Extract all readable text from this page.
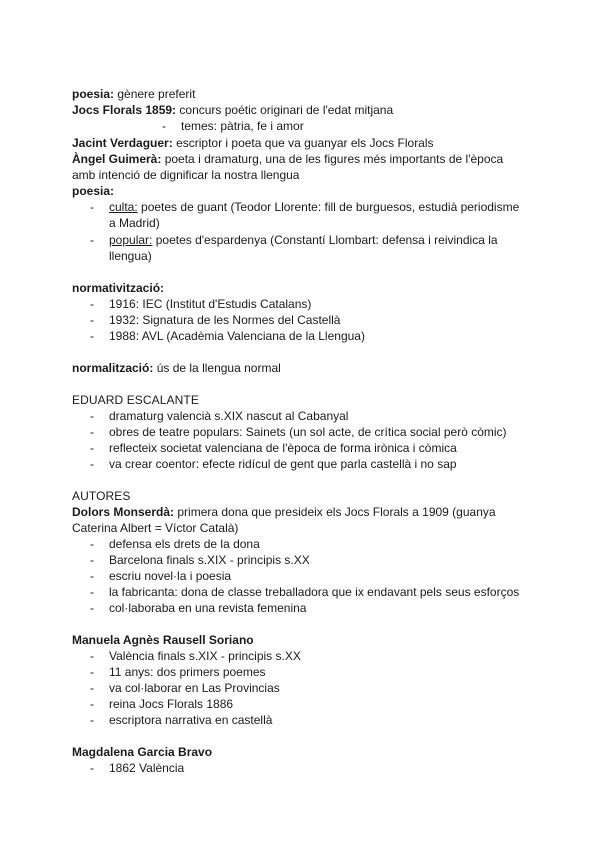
poesia: gènere preferit
Jocs Florals 1859: concurs poétic originari de l'edat mitjana
-	temes: pàtria, fe i amor
Jacint Verdaguer: escriptor i poeta que va guanyar els Jocs Florals
Àngel Guimerà: poeta i dramaturg, una de les figures més importants de l'època
amb intenció de dignificar la nostra llengua
poesia:
-	culta: poetes de guant (Teodor Llorente: fill de burguesos, estudià periodisme
a Madrid)
-	popular: poetes d'espardenya (Constantí Llombart: defensa i reivindica la
llengua)
normativització:
-	1916: IEC (Institut d'Estudis Catalans)
-	1932: Signatura de les Normes del Castellà
-	1988: AVL (Acadèmia Valenciana de la Llengua)
normalització: ús de la llengua normal
EDUARD ESCALANTE
-	dramaturg valencià s.XIX nascut al Cabanyal
-	obres de teatre populars: Sainets (un sol acte, de crítica social però còmic)
-	reflecteix societat valenciana de l'època de forma irònica i còmica
-	va crear coentor: efecte ridícul de gent que parla castellà i no sap
AUTORES
Dolors Monserdà: primera dona que presideix els Jocs Florals a 1909 (guanya
Caterina Albert = Víctor Català)
-	defensa els drets de la dona
-	Barcelona finals s.XIX - principis s.XX
-	escriu novel·la i poesia
-	la fabricanta: dona de classe treballadora que ix endavant pels seus esforços
-	col·laboraba en una revista femenina
Manuela Agnès Rausell Soriano
-	València finals s.XIX - principis s.XX
-	11 anys: dos primers poemes
-	va col·laborar en Las Provincias
-	reina Jocs Florals 1886
-	escriptora narrativa en castellà
Magdalena Garcia Bravo
-	1862 València
